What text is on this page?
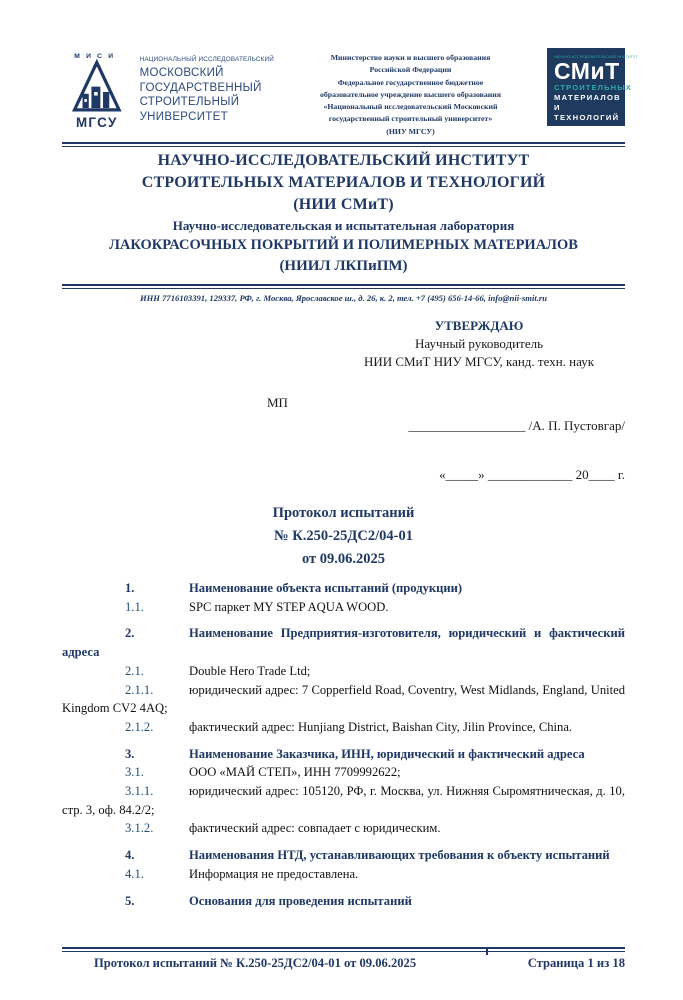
МИСИ
МГСУ
НАЦИОНАЛЬНЫЙ ИССЛЕДОВАТЕЛЬСКИЙ
МОСКОВСКИЙ
ГОСУДАРСТВЕННЫЙ
СТРОИТЕЛЬНЫЙ
УНИВЕРСИТЕТ
Министерство науки и высшего образования
Российской Федерации
Федеральное государственное бюджетное
образовательное учреждение высшего образования
«Национальный исследовательский Московский
государственный строительный университет»
(НИУ МГСУ)
НАУЧНО-ИССЛЕДОВАТЕЛЬСКИЙ ИНСТИТУТ
СМиТ
СТРОИТЕЛЬНЫХ
МАТЕРИАЛОВ
И ТЕХНОЛОГИЙ
НАУЧНО-ИССЛЕДОВАТЕЛЬСКИЙ ИНСТИТУТ
СТРОИТЕЛЬНЫХ МАТЕРИАЛОВ И ТЕХНОЛОГИЙ
(НИИ СМиТ)
Научно-исследовательская и испытательная лаборатория
ЛАКОКРАСОЧНЫХ ПОКРЫТИЙ И ПОЛИМЕРНЫХ МАТЕРИАЛОВ
(НИИЛ ЛКПиПМ)
ИНН 7716103391, 129337, РФ, г. Москва, Ярославское ш., д. 26, к. 2, тел. +7 (495) 656-14-66, info@nii-smit.ru
УТВЕРЖДАЮ
Научный руководитель
НИИ СМиТ НИУ МГСУ, канд. техн. наук
МП
__________________ /А. П. Пустовгар/
«_____» _____________ 20____ г.
Протокол испытаний
№ К.250-25ДС2/04-01
от 09.06.2025

1.	Наименование объекта испытаний (продукции)

1.1.	SPC паркет MY STEP AQUA WOOD.

2.	Наименование Предприятия-изготовителя, юридический и фактический адреса

2.1.	Double Hero Trade Ltd;

2.1.1.	юридический адрес: 7 Copperfield Road, Coventry, West Midlands, England, United Kingdom CV2 4AQ;

2.1.2.	фактический адрес: Hunjiang District, Baishan City, Jilin Province, China.

3.	Наименование Заказчика, ИНН, юридический и фактический адреса

3.1.	ООО «МАЙ СТЕП», ИНН 7709992622;

3.1.1.	юридический адрес: 105120, РФ, г. Москва, ул. Нижняя Сыромятническая, д. 10, стр. 3, оф. 84.2/2;

3.1.2.	фактический адрес: совпадает с юридическим.

4.	Наименования НТД, устанавливающих требования к объекту испытаний

4.1.	Информация не предоставлена.

5.	Основания для проведения испытаний

Протокол испытаний № К.250-25ДС2/04-01 от 09.06.2025	Страница 1 из 18
